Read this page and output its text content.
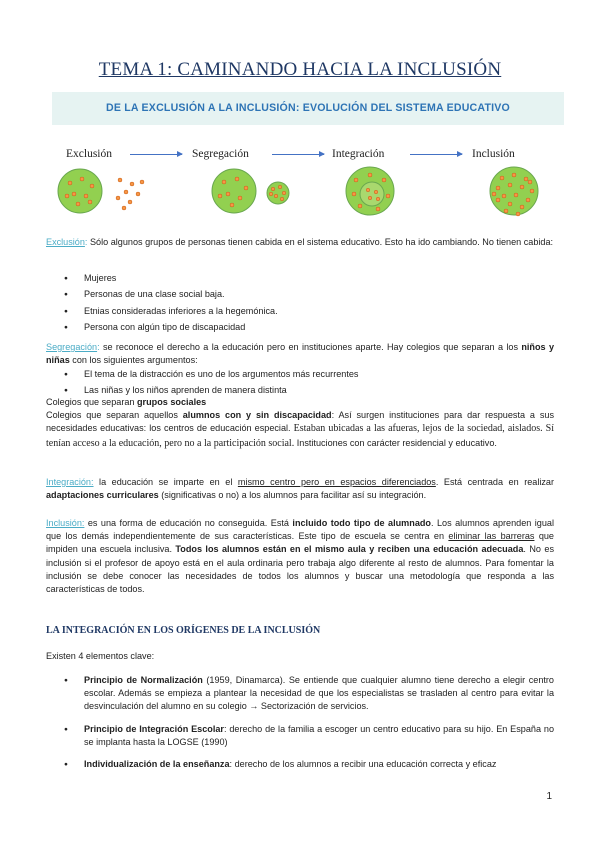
TEMA 1: CAMINANDO HACIA LA INCLUSIÓN
DE LA EXCLUSIÓN A LA INCLUSIÓN: EVOLUCIÓN DEL SISTEMA EDUCATIVO
Exclusión	Segregación	Integración	Inclusión
Exclusión: Sólo algunos grupos de personas tienen cabida en el sistema educativo. Esto ha ido cambiando. No tienen cabida:
● Mujeres
● Personas de una clase social baja.
● Etnias consideradas inferiores a la hegemónica.
● Persona con algún tipo de discapacidad
Segregación: se reconoce el derecho a la educación pero en instituciones aparte. Hay colegios que separan a los niños y niñas con los siguientes argumentos:
● El tema de la distracción es uno de los argumentos más recurrentes
● Las niñas y los niños aprenden de manera distinta
Colegios que separan grupos sociales
Colegios que separan aquellos alumnos con y sin discapacidad: Así surgen instituciones para dar respuesta a sus necesidades educativas: los centros de educación especial. Estaban ubicadas a las afueras, lejos de la sociedad, aislados. Sí tenían acceso a la educación, pero no a la participación social. Instituciones con carácter residencial y educativo.
Integración: la educación se imparte en el mismo centro pero en espacios diferenciados. Está centrada en realizar adaptaciones curriculares (significativas o no) a los alumnos para facilitar así su integración.
Inclusión: es una forma de educación no conseguida. Está incluido todo tipo de alumnado. Los alumnos aprenden igual que los demás independientemente de sus características. Este tipo de escuela se centra en eliminar las barreras que impiden una escuela inclusiva. Todos los alumnos están en el mismo aula y reciben una educación adecuada. No es inclusión si el profesor de apoyo está en el aula ordinaria pero trabaja algo diferente al resto de alumnos. Para fomentar la inclusión se debe conocer las necesidades de todos los alumnos y buscar una metodología que responda a las características de todos.
LA INTEGRACIÓN EN LOS ORÍGENES DE LA INCLUSIÓN
Existen 4 elementos clave:
● Principio de Normalización (1959, Dinamarca). Se entiende que cualquier alumno tiene derecho a elegir centro escolar. Además se empieza a plantear la necesidad de que los especialistas se trasladen al centro para evitar la desvinculación del alumno en su colegio → Sectorización de servicios.
● Principio de Integración Escolar: derecho de la familia a escoger un centro educativo para su hijo. En España no se implanta hasta la LOGSE (1990)
● Individualización de la enseñanza: derecho de los alumnos a recibir una educación correcta y eficaz
1
